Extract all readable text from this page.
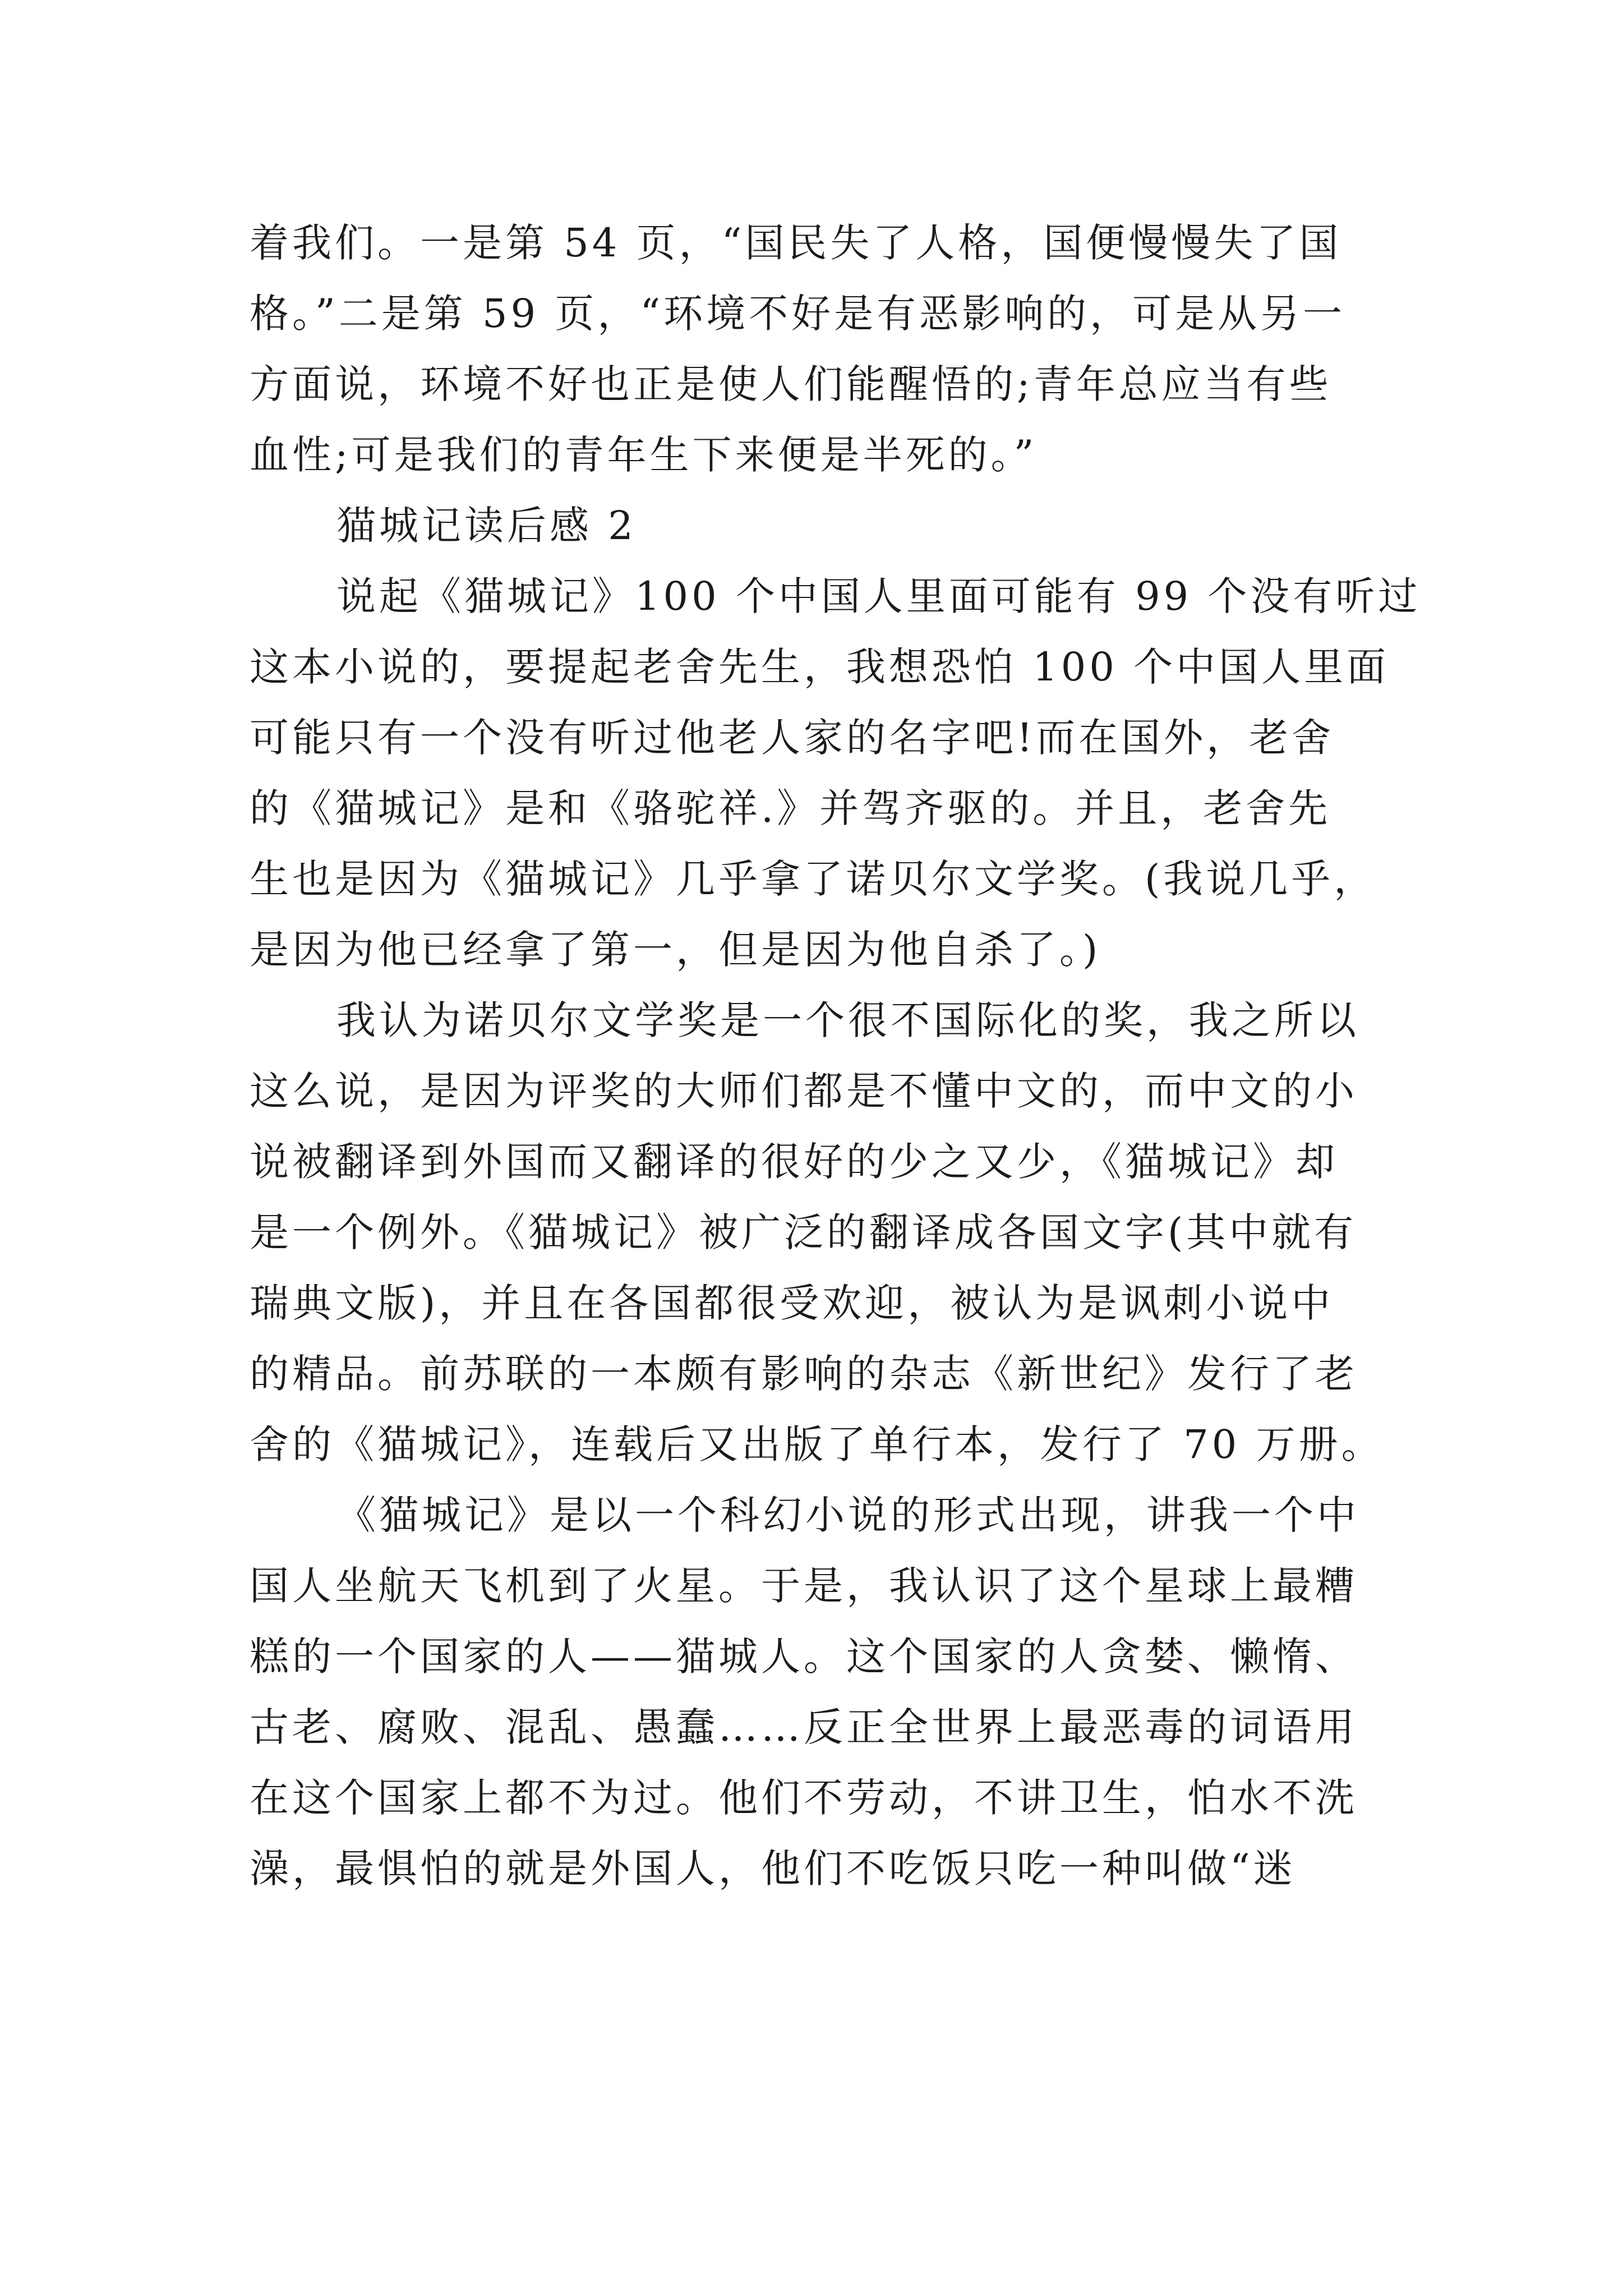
着我们。一是第 54 页，“国民失了人格，国便慢慢失了国
格。”二是第 59 页，“环境不好是有恶影响的，可是从另一
方面说，环境不好也正是使人们能醒悟的;青年总应当有些
血性;可是我们的青年生下来便是半死的。”
猫城记读后感 2
说起《猫城记》100 个中国人里面可能有 99 个没有听过
这本小说的，要提起老舍先生，我想恐怕 100 个中国人里面
可能只有一个没有听过他老人家的名字吧!而在国外，老舍
的《猫城记》是和《骆驼祥.》并驾齐驱的。并且，老舍先
生也是因为《猫城记》几乎拿了诺贝尔文学奖。(我说几乎，
是因为他已经拿了第一，但是因为他自杀了。)
我认为诺贝尔文学奖是一个很不国际化的奖，我之所以
这么说，是因为评奖的大师们都是不懂中文的，而中文的小
说被翻译到外国而又翻译的很好的少之又少，《猫城记》却
是一个例外。《猫城记》被广泛的翻译成各国文字(其中就有
瑞典文版)，并且在各国都很受欢迎，被认为是讽刺小说中
的精品。前苏联的一本颇有影响的杂志《新世纪》发行了老
舍的《猫城记》，连载后又出版了单行本，发行了 70 万册。
《猫城记》是以一个科幻小说的形式出现，讲我一个中
国人坐航天飞机到了火星。于是，我认识了这个星球上最糟
糕的一个国家的人——猫城人。这个国家的人贪婪、懒惰、
古老、腐败、混乱、愚蠢……反正全世界上最恶毒的词语用
在这个国家上都不为过。他们不劳动，不讲卫生，怕水不洗
澡，最惧怕的就是外国人，他们不吃饭只吃一种叫做“迷
